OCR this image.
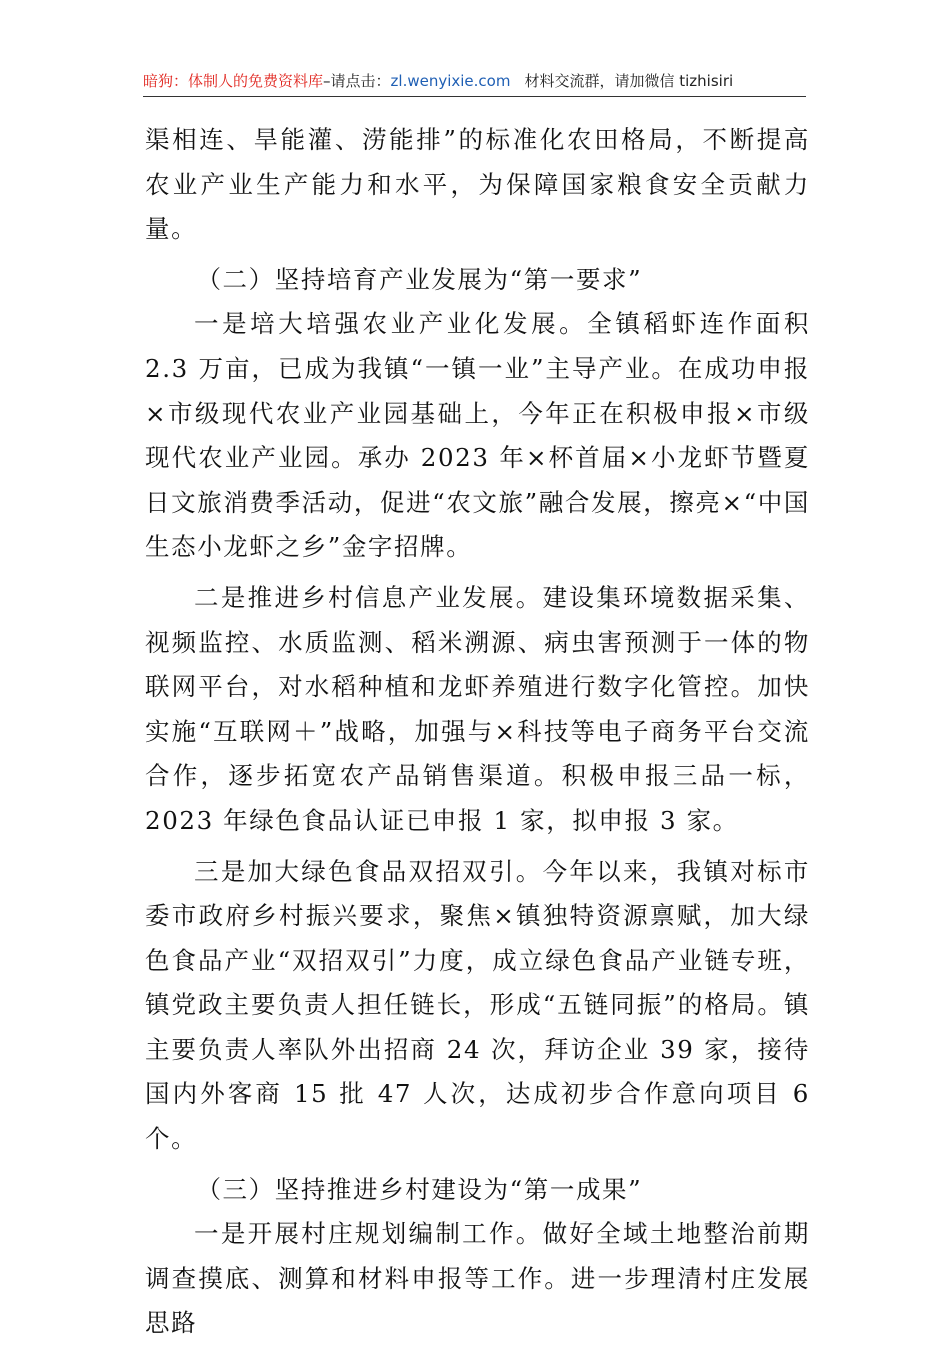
暗狗：体制人的免费资料库–请点击：zl.wenyixie.com 材料交流群，请加微信 tizhisiri

渠相连、旱能灌、涝能排”的标准化农田格局，不断提高农业产业生产能力和水平，为保障国家粮食安全贡献力量。

（二）坚持培育产业发展为“第一要求”

一是培大培强农业产业化发展。全镇稻虾连作面积 2.3 万亩，已成为我镇“一镇一业”主导产业。在成功申报×市级现代农业产业园基础上，今年正在积极申报×市级现代农业产业园。承办 2023 年×杯首届×小龙虾节暨夏日文旅消费季活动，促进“农文旅”融合发展，擦亮×“中国生态小龙虾之乡”金字招牌。

二是推进乡村信息产业发展。建设集环境数据采集、视频监控、水质监测、稻米溯源、病虫害预测于一体的物联网平台，对水稻种植和龙虾养殖进行数字化管控。加快实施“互联网＋”战略，加强与×科技等电子商务平台交流合作，逐步拓宽农产品销售渠道。积极申报三品一标，2023 年绿色食品认证已申报 1 家，拟申报 3 家。

三是加大绿色食品双招双引。今年以来，我镇对标市委市政府乡村振兴要求，聚焦×镇独特资源禀赋，加大绿色食品产业“双招双引”力度，成立绿色食品产业链专班，镇党政主要负责人担任链长，形成“五链同振”的格局。镇主要负责人率队外出招商 24 次，拜访企业 39 家，接待国内外客商 15 批 47 人次，达成初步合作意向项目 6 个。

（三）坚持推进乡村建设为“第一成果”

一是开展村庄规划编制工作。做好全域土地整治前期调查摸底、测算和材料申报等工作。进一步理清村庄发展思路
